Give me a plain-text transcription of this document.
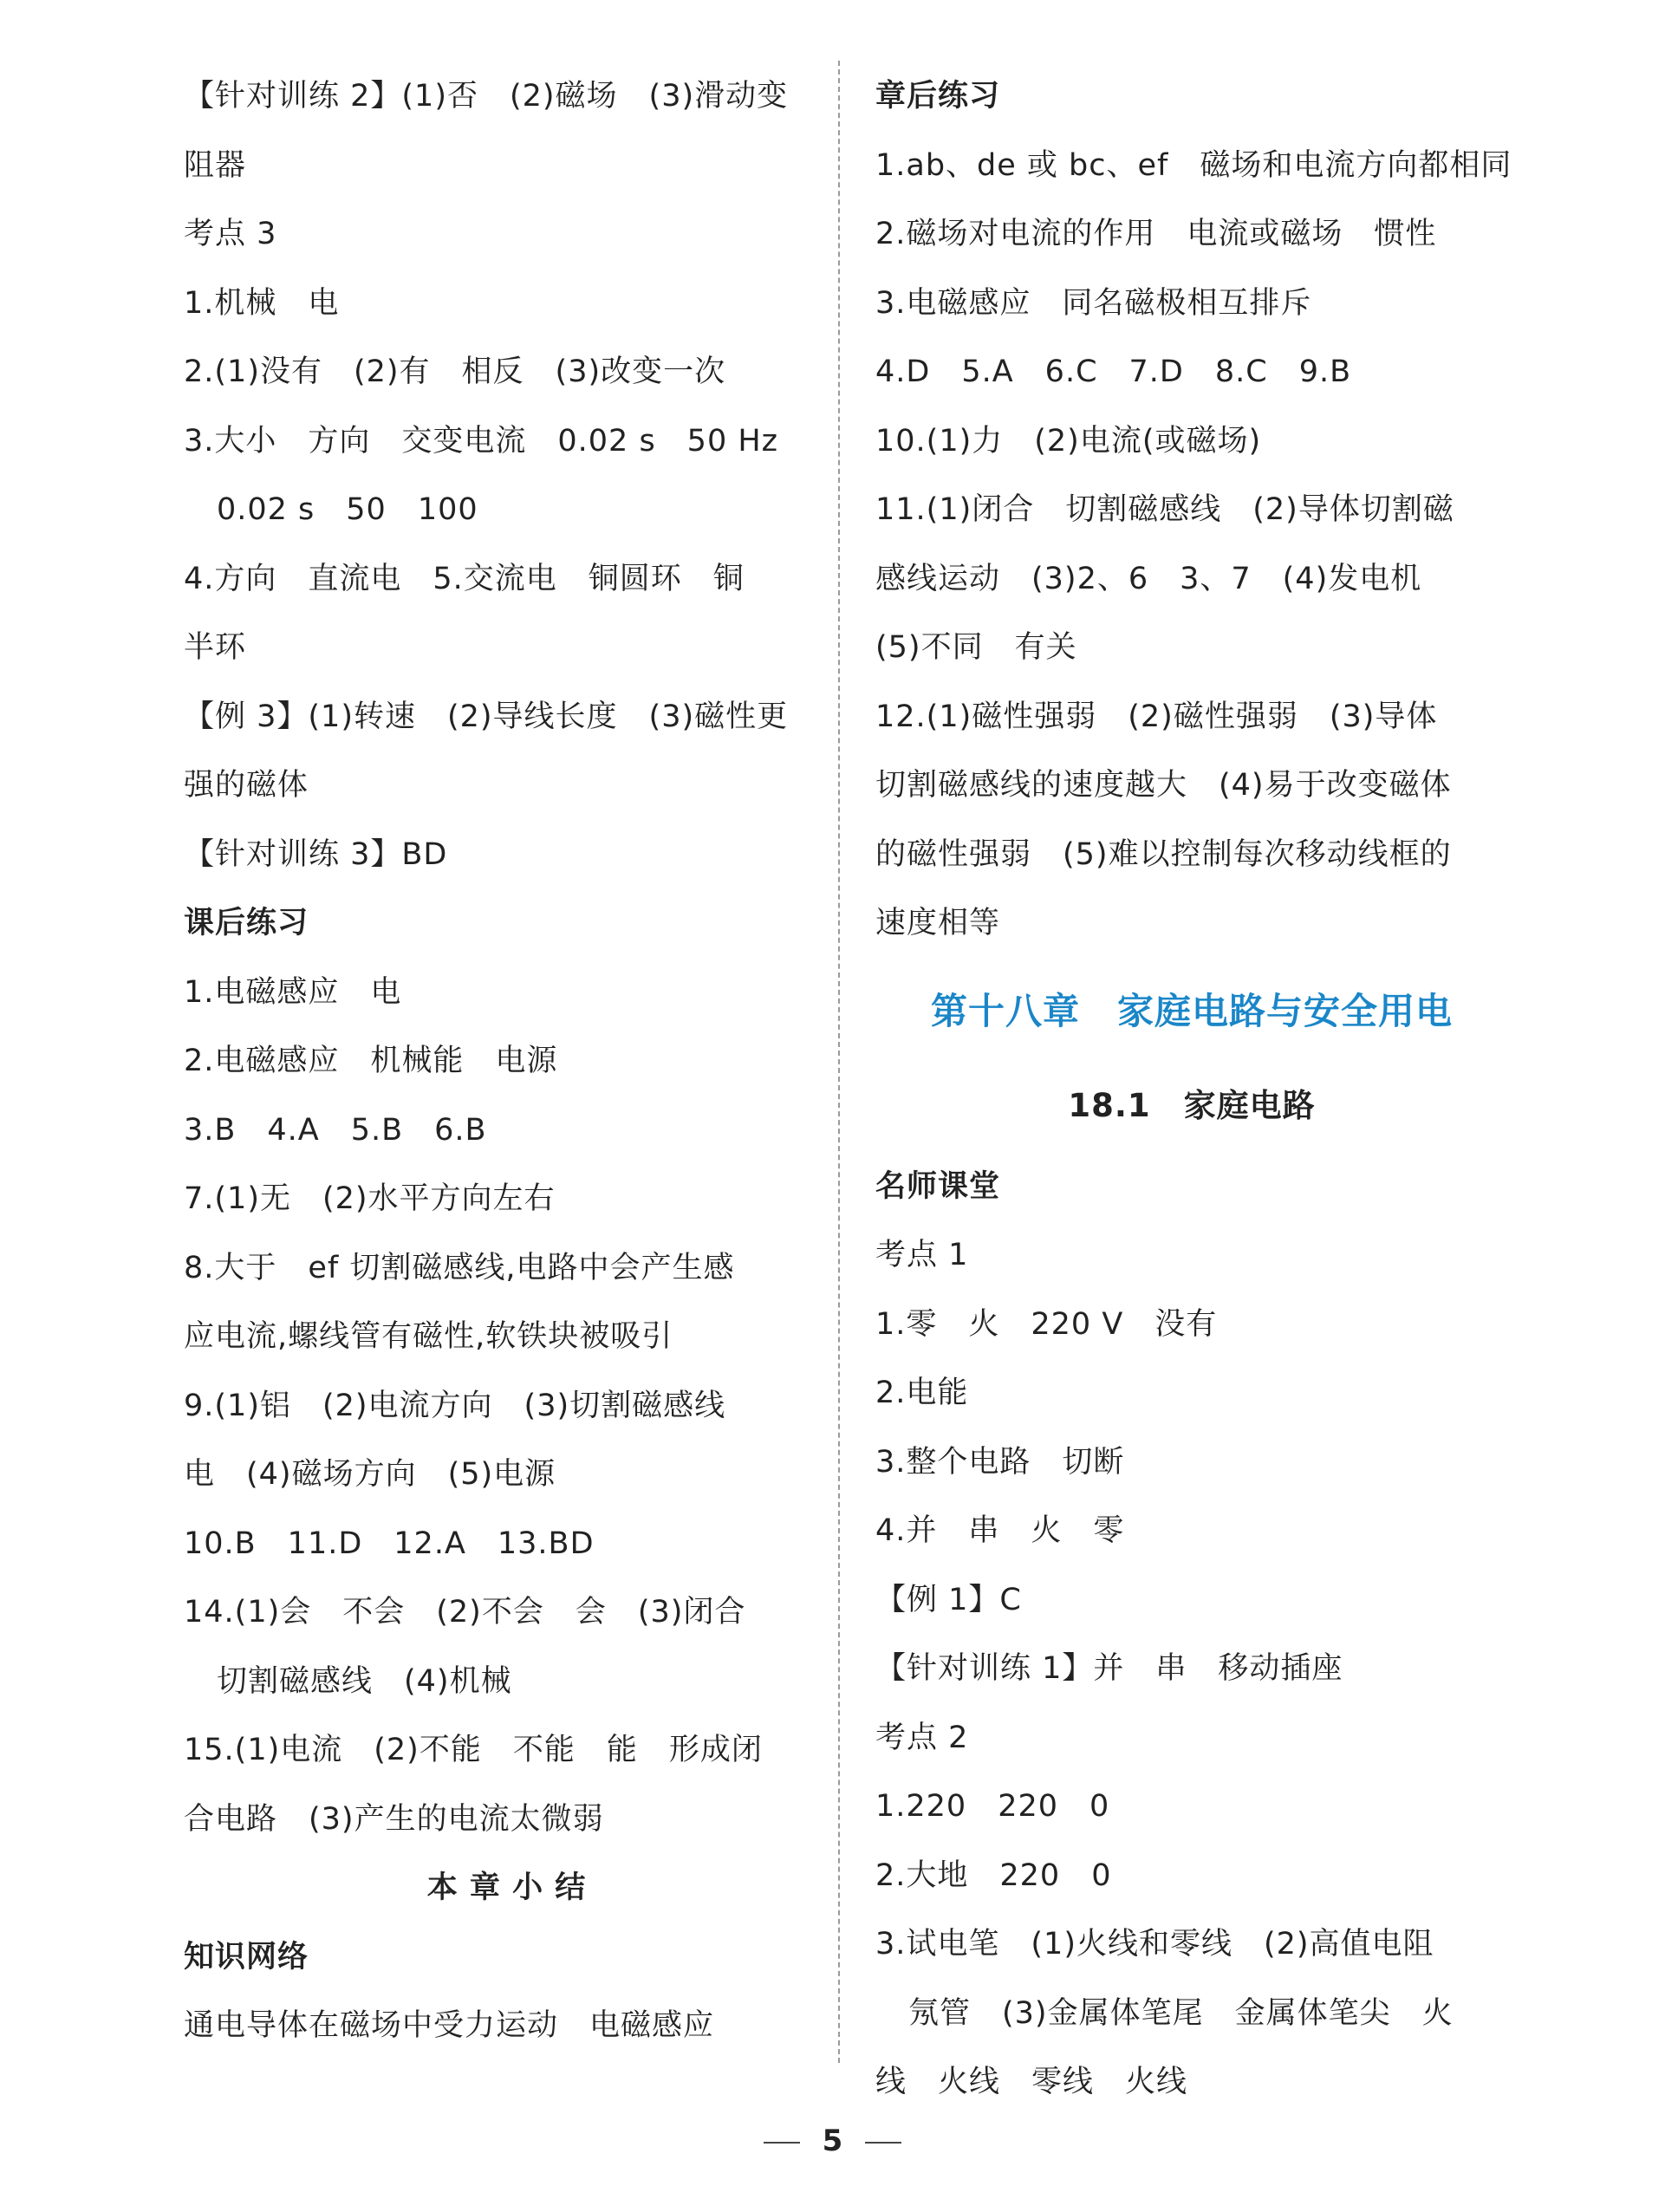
【针对训练 2】(1)否　(2)磁场　(3)滑动变
阻器
考点 3
1.机械　电
2.(1)没有　(2)有　相反　(3)改变一次
3.大小　方向　交变电流　0.02 s　50 Hz
0.02 s　50　100
4.方向　直流电　5.交流电　铜圆环　铜
半环
【例 3】(1)转速　(2)导线长度　(3)磁性更
强的磁体
【针对训练 3】BD
课后练习
1.电磁感应　电
2.电磁感应　机械能　电源
3.B　4.A　5.B　6.B
7.(1)无　(2)水平方向左右
8.大于　ef 切割磁感线,电路中会产生感
应电流,螺线管有磁性,软铁块被吸引
9.(1)铝　(2)电流方向　(3)切割磁感线
电　(4)磁场方向　(5)电源
10.B　11.D　12.A　13.BD
14.(1)会　不会　(2)不会　会　(3)闭合
切割磁感线　(4)机械
15.(1)电流　(2)不能　不能　能　形成闭
合电路　(3)产生的电流太微弱
本 章 小 结
知识网络
通电导体在磁场中受力运动　电磁感应
章后练习
1.ab、de 或 bc、ef　磁场和电流方向都相同
2.磁场对电流的作用　电流或磁场　惯性
3.电磁感应　同名磁极相互排斥
4.D　5.A　6.C　7.D　8.C　9.B
10.(1)力　(2)电流(或磁场)
11.(1)闭合　切割磁感线　(2)导体切割磁
感线运动　(3)2、6　3、7　(4)发电机
(5)不同　有关
12.(1)磁性强弱　(2)磁性强弱　(3)导体
切割磁感线的速度越大　(4)易于改变磁体
的磁性强弱　(5)难以控制每次移动线框的
速度相等
第十八章　家庭电路与安全用电
18.1　家庭电路
名师课堂
考点 1
1.零　火　220 V　没有
2.电能
3.整个电路　切断
4.并　串　火　零
【例 1】C
【针对训练 1】并　串　移动插座
考点 2
1.220　220　0
2.大地　220　0
3.试电笔　(1)火线和零线　(2)高值电阻
氖管　(3)金属体笔尾　金属体笔尖　火
线　火线　零线　火线
5
